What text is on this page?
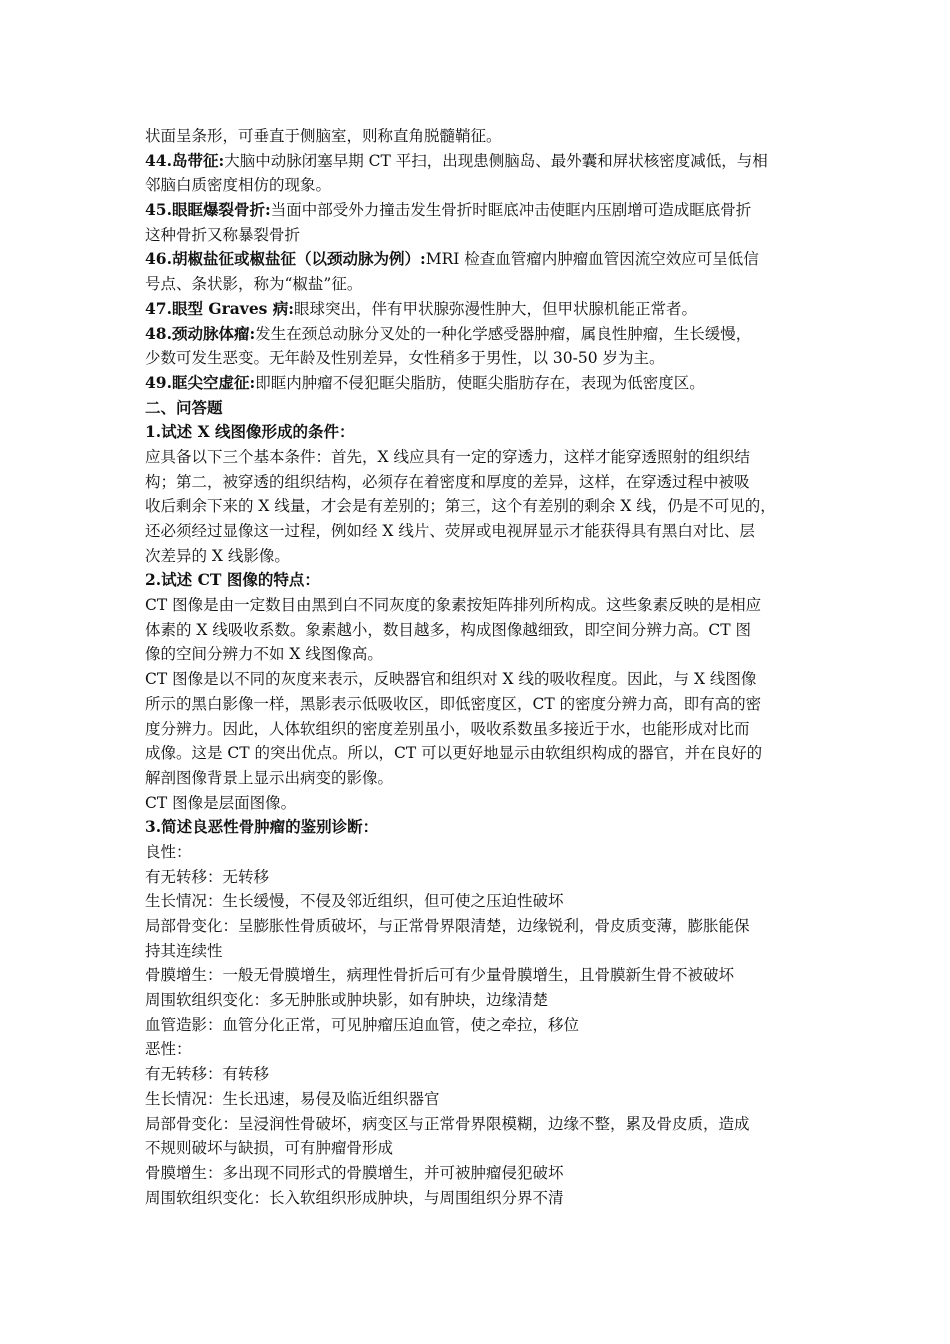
状面呈条形，可垂直于侧脑室，则称直角脱髓鞘征。
44.岛带征:大脑中动脉闭塞早期 CT 平扫，出现患侧脑岛、最外囊和屏状核密度减低，与相
邻脑白质密度相仿的现象。
45.眼眶爆裂骨折:当面中部受外力撞击发生骨折时眶底冲击使眶内压剧增可造成眶底骨折
这种骨折又称暴裂骨折
46.胡椒盐征或椒盐征（以颈动脉为例）:MRI 检查血管瘤内肿瘤血管因流空效应可呈低信
号点、条状影，称为“椒盐”征。
47.眼型 Graves 病:眼球突出，伴有甲状腺弥漫性肿大，但甲状腺机能正常者。
48.颈动脉体瘤:发生在颈总动脉分叉处的一种化学感受器肿瘤，属良性肿瘤，生长缓慢，
少数可发生恶变。无年龄及性别差异，女性稍多于男性，以 30-50 岁为主。
49.眶尖空虚征:即眶内肿瘤不侵犯眶尖脂肪，使眶尖脂肪存在，表现为低密度区。
二、问答题
1.试述 X 线图像形成的条件：
应具备以下三个基本条件：首先，X 线应具有一定的穿透力，这样才能穿透照射的组织结
构；第二，被穿透的组织结构，必须存在着密度和厚度的差异，这样，在穿透过程中被吸
收后剩余下来的 X 线量，才会是有差别的；第三，这个有差别的剩余 X 线，仍是不可见的，
还必须经过显像这一过程，例如经 X 线片、荧屏或电视屏显示才能获得具有黑白对比、层
次差异的 X 线影像。
2.试述 CT 图像的特点：
CT 图像是由一定数目由黑到白不同灰度的象素按矩阵排列所构成。这些象素反映的是相应
体素的 X 线吸收系数。象素越小，数目越多，构成图像越细致，即空间分辨力高。CT 图
像的空间分辨力不如 X 线图像高。
CT 图像是以不同的灰度来表示，反映器官和组织对 X 线的吸收程度。因此，与 X 线图像
所示的黑白影像一样，黑影表示低吸收区，即低密度区，CT 的密度分辨力高，即有高的密
度分辨力。因此，人体软组织的密度差别虽小，吸收系数虽多接近于水，也能形成对比而
成像。这是 CT 的突出优点。所以，CT 可以更好地显示由软组织构成的器官，并在良好的
解剖图像背景上显示出病变的影像。
CT 图像是层面图像。
3.简述良恶性骨肿瘤的鉴别诊断：
良性：
有无转移：无转移
生长情况：生长缓慢，不侵及邻近组织，但可使之压迫性破坏
局部骨变化：呈膨胀性骨质破坏，与正常骨界限清楚，边缘锐利，骨皮质变薄，膨胀能保
持其连续性
骨膜增生：一般无骨膜增生，病理性骨折后可有少量骨膜增生，且骨膜新生骨不被破坏
周围软组织变化：多无肿胀或肿块影，如有肿块，边缘清楚
血管造影：血管分化正常，可见肿瘤压迫血管，使之牵拉，移位
恶性：
有无转移：有转移
生长情况：生长迅速，易侵及临近组织器官
局部骨变化：呈浸润性骨破坏，病变区与正常骨界限模糊，边缘不整，累及骨皮质，造成
不规则破坏与缺损，可有肿瘤骨形成
骨膜增生：多出现不同形式的骨膜增生，并可被肿瘤侵犯破坏
周围软组织变化：长入软组织形成肿块，与周围组织分界不清
